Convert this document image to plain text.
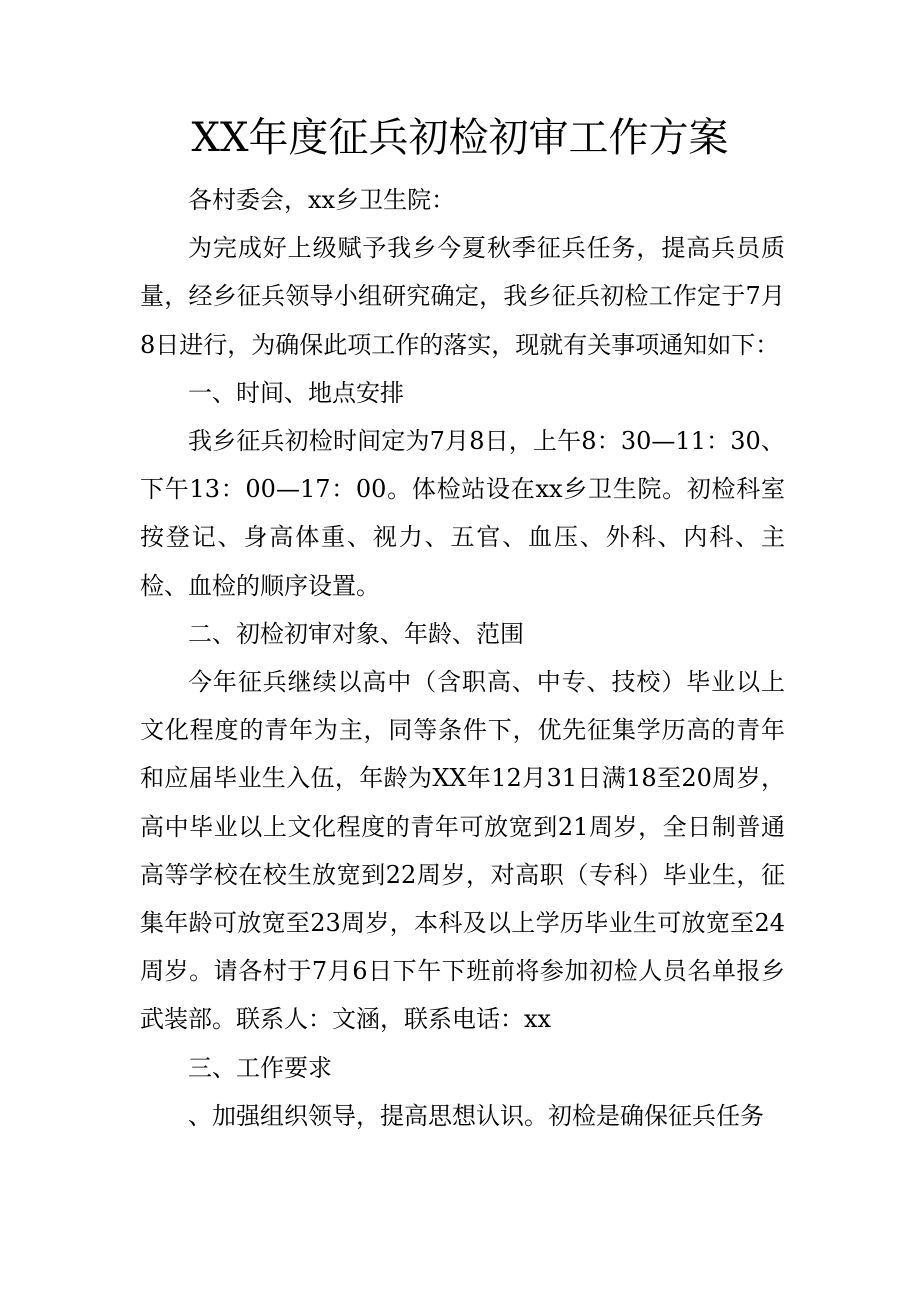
XX年度征兵初检初审工作方案

各村委会，xx乡卫生院：

为完成好上级赋予我乡今夏秋季征兵任务，提高兵员质量，经乡征兵领导小组研究确定，我乡征兵初检工作定于7月8日进行，为确保此项工作的落实，现就有关事项通知如下：

一、时间、地点安排

我乡征兵初检时间定为7月8日，上午8：30—11：30、下午13：00—17：00。体检站设在xx乡卫生院。初检科室按登记、身高体重、视力、五官、血压、外科、内科、主检、血检的顺序设置。

二、初检初审对象、年龄、范围

今年征兵继续以高中（含职高、中专、技校）毕业以上文化程度的青年为主，同等条件下，优先征集学历高的青年和应届毕业生入伍，年龄为XX年12月31日满18至20周岁，高中毕业以上文化程度的青年可放宽到21周岁，全日制普通高等学校在校生放宽到22周岁，对高职（专科）毕业生，征集年龄可放宽至23周岁，本科及以上学历毕业生可放宽至24周岁。请各村于7月6日下午下班前将参加初检人员名单报乡武装部。联系人：文涵，联系电话：xx

三、工作要求

、加强组织领导，提高思想认识。初检是确保征兵任务
